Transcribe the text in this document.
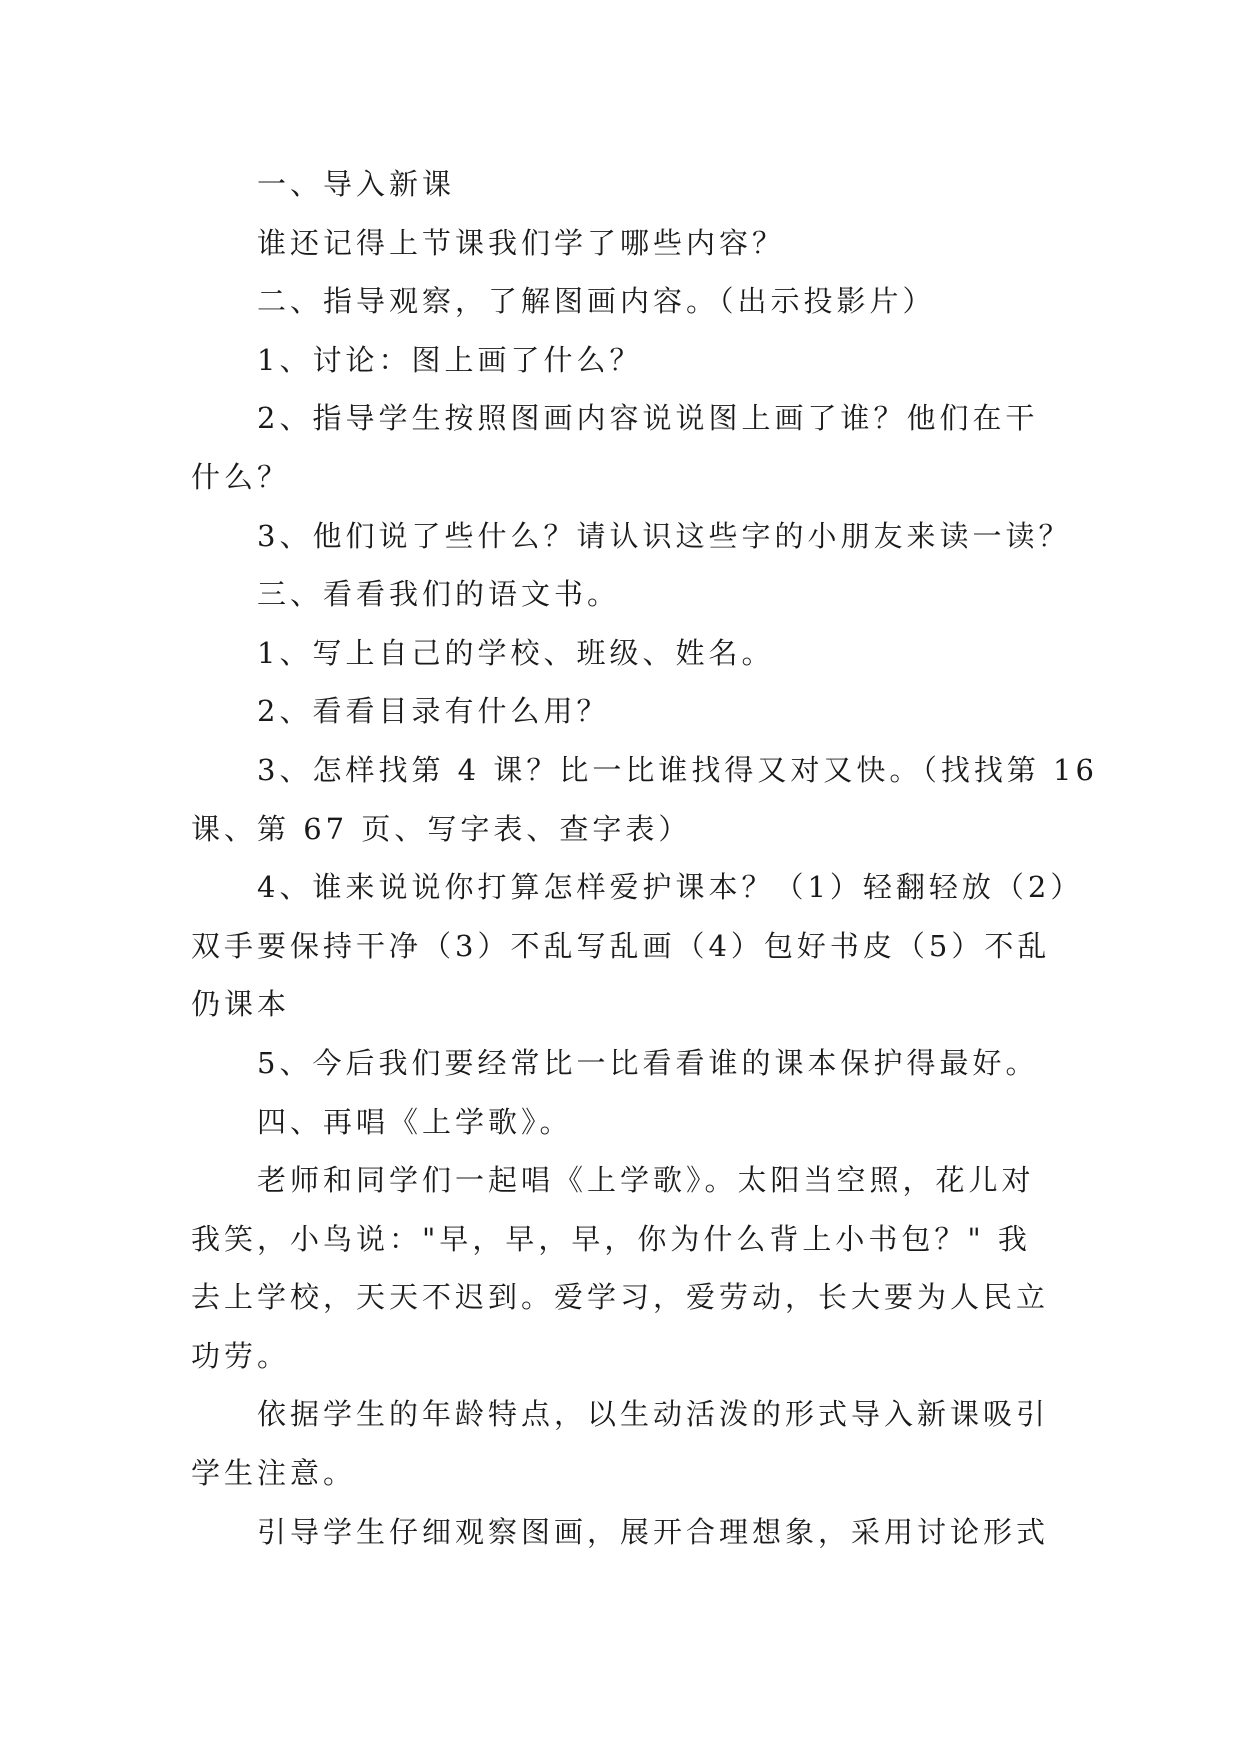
一、导入新课
谁还记得上节课我们学了哪些内容？
二、指导观察，了解图画内容。（出示投影片）
1、讨论：图上画了什么？
2、指导学生按照图画内容说说图上画了谁？他们在干
什么？
3、他们说了些什么？请认识这些字的小朋友来读一读？
三、看看我们的语文书。
1、写上自己的学校、班级、姓名。
2、看看目录有什么用？
3、怎样找第 4 课？比一比谁找得又对又快。（找找第 16
课、第 67 页、写字表、查字表）
4、谁来说说你打算怎样爱护课本？（1）轻翻轻放（2）
双手要保持干净（3）不乱写乱画（4）包好书皮（5）不乱
仍课本
5、今后我们要经常比一比看看谁的课本保护得最好。
四、再唱《上学歌》。
老师和同学们一起唱《上学歌》。太阳当空照，花儿对
我笑，小鸟说："早，早，早，你为什么背上小书包？" 我
去上学校，天天不迟到。爱学习，爱劳动，长大要为人民立
功劳。
依据学生的年龄特点，以生动活泼的形式导入新课吸引
学生注意。
引导学生仔细观察图画，展开合理想象，采用讨论形式
